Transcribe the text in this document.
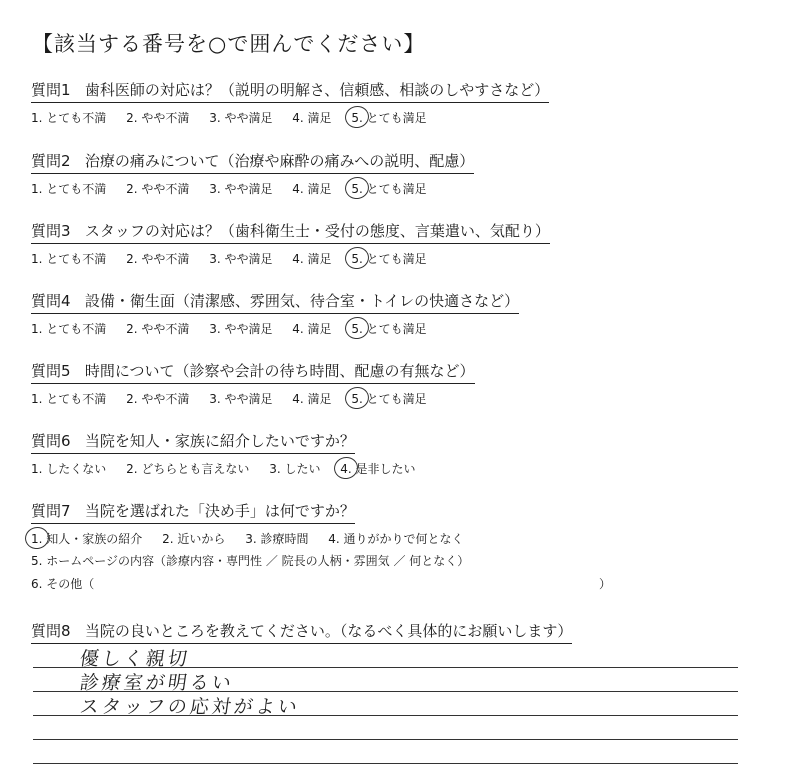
【該当する番号を○で囲んでください】
質問1 歯科医師の対応は？（説明の明解さ、信頼感、相談のしやすさなど）
1. とても不満 2. やや不満 3. やや満足 4. 満足 5. とても満足
質問2 治療の痛みについて（治療や麻酔の痛みへの説明、配慮）
1. とても不満 2. やや不満 3. やや満足 4. 満足 5. とても満足
質問3 スタッフの対応は？（歯科衛生士・受付の態度、言葉遣い、気配り）
1. とても不満 2. やや不満 3. やや満足 4. 満足 5. とても満足
質問4 設備・衛生面（清潔感、雰囲気、待合室・トイレの快適さなど）
1. とても不満 2. やや不満 3. やや満足 4. 満足 5. とても満足
質問5 時間について（診察や会計の待ち時間、配慮の有無など）
1. とても不満 2. やや不満 3. やや満足 4. 満足 5. とても満足
質問6 当院を知人・家族に紹介したいですか？
1. したくない 2. どちらとも言えない 3. したい 4. 是非したい
質問7 当院を選ばれた「決め手」は何ですか？
1. 知人・家族の紹介 2. 近いから 3. 診療時間 4. 通りがかりで何となく
5. ホームページの内容（診療内容・専門性 ／ 院長の人柄・雰囲気 ／ 何となく）
6. その他（	）
質問8 当院の良いところを教えてください。（なるべく具体的にお願いします）
優しく親切
診療室が明るい
スタッフの応対がよい
